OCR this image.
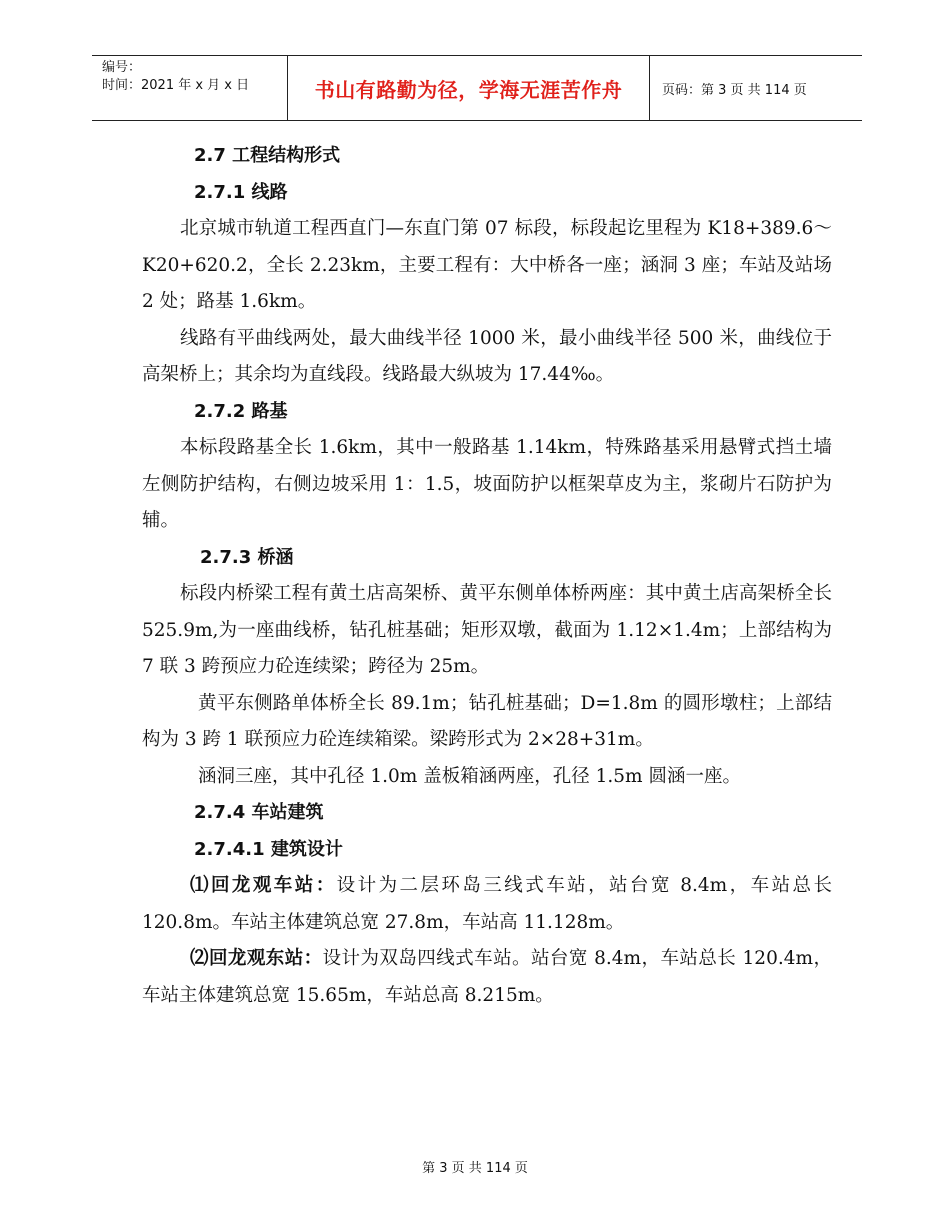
编号：
时间：2021 年 x 月 x 日	书山有路勤为径，学海无涯苦作舟	页码：第 3 页 共 114 页
2.7 工程结构形式
2.7.1 线路
北京城市轨道工程西直门—东直门第 07 标段，标段起讫里程为 K18+389.6～K20+620.2，全长 2.23km，主要工程有：大中桥各一座；涵洞 3 座；车站及站场 2 处；路基 1.6km。
线路有平曲线两处，最大曲线半径 1000 米，最小曲线半径 500 米，曲线位于高架桥上；其余均为直线段。线路最大纵坡为 17.44‰。
2.7.2 路基
本标段路基全长 1.6km，其中一般路基 1.14km，特殊路基采用悬臂式挡土墙左侧防护结构，右侧边坡采用 1：1.5，坡面防护以框架草皮为主，浆砌片石防护为辅。
2.7.3 桥涵
标段内桥梁工程有黄土店高架桥、黄平东侧单体桥两座：其中黄土店高架桥全长 525.9m,为一座曲线桥，钻孔桩基础；矩形双墩，截面为 1.12×1.4m；上部结构为 7 联 3 跨预应力砼连续梁；跨径为 25m。
黄平东侧路单体桥全长 89.1m；钻孔桩基础；D=1.8m 的圆形墩柱；上部结构为 3 跨 1 联预应力砼连续箱梁。梁跨形式为 2×28+31m。
涵洞三座，其中孔径 1.0m 盖板箱涵两座，孔径 1.5m 圆涵一座。
2.7.4 车站建筑
2.7.4.1 建筑设计
⑴回龙观车站：设计为二层环岛三线式车站，站台宽 8.4m，车站总长 120.8m。车站主体建筑总宽 27.8m，车站高 11.128m。
⑵回龙观东站：设计为双岛四线式车站。站台宽 8.4m，车站总长 120.4m，车站主体建筑总宽 15.65m，车站总高 8.215m。
第 3 页 共 114 页
